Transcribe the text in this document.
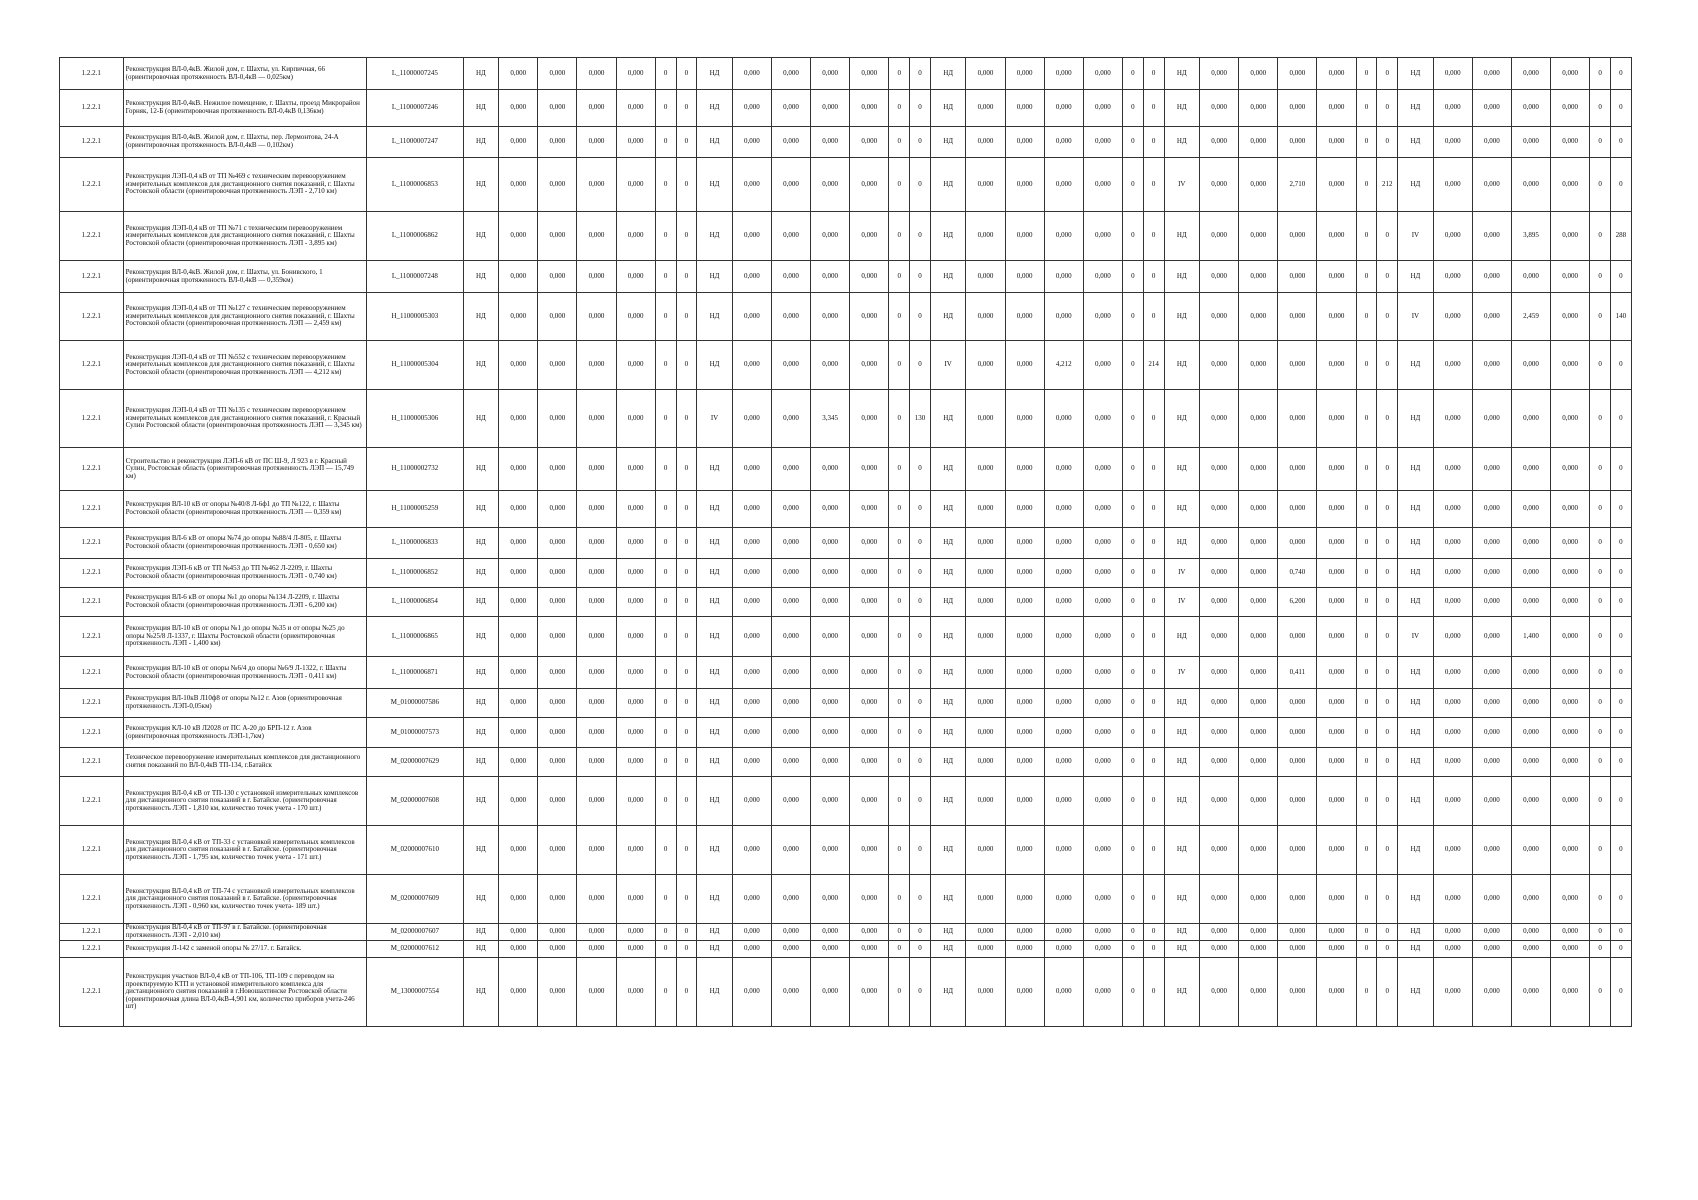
1.2.2.1	Реконструкция ВЛ-0,4кВ. Жилой дом, г. Шахты, ул. Кирпичная, 66 (ориентировочная протяженность ВЛ-0,4кВ — 0,025км)	L_11000007245	НД	0,000	0,000	0,000	0,000	0	0	НД	0,000	0,000	0,000	0,000	0	0	НД	0,000	0,000	0,000	0,000	0	0	НД	0,000	0,000	0,000	0,000	0	0	НД	0,000	0,000	0,000	0,000	0	0
1.2.2.1	Реконструкция ВЛ-0,4кВ. Нежилое помещение, г. Шахты, проезд Микрорайон Горняк, 12-Б (ориентировочная протяженность ВЛ-0,4кВ 0,136км)	L_11000007246	НД	0,000	0,000	0,000	0,000	0	0	НД	0,000	0,000	0,000	0,000	0	0	НД	0,000	0,000	0,000	0,000	0	0	НД	0,000	0,000	0,000	0,000	0	0	НД	0,000	0,000	0,000	0,000	0	0
1.2.2.1	Реконструкция ВЛ-0,4кВ. Жилой дом, г. Шахты, пер. Лермонтова, 24-А (ориентировочная протяженность ВЛ-0,4кВ — 0,102км)	L_11000007247	НД	0,000	0,000	0,000	0,000	0	0	НД	0,000	0,000	0,000	0,000	0	0	НД	0,000	0,000	0,000	0,000	0	0	НД	0,000	0,000	0,000	0,000	0	0	НД	0,000	0,000	0,000	0,000	0	0
1.2.2.1	Реконструкция ЛЭП-0,4 кВ от ТП №469 с техническим перевооружением измерительных комплексов для дистанционного снятия показаний, г. Шахты Ростовской области (ориентировочная протяженность ЛЭП - 2,710 км)	L_11000006853	НД	0,000	0,000	0,000	0,000	0	0	НД	0,000	0,000	0,000	0,000	0	0	НД	0,000	0,000	0,000	0,000	0	0	IV	0,000	0,000	2,710	0,000	0	212	НД	0,000	0,000	0,000	0,000	0	0
1.2.2.1	Реконструкция ЛЭП-0,4 кВ от ТП №71 с техническим перевооружением измерительных комплексов для дистанционного снятия показаний, г. Шахты Ростовской области (ориентировочная протяженность ЛЭП - 3,895 км)	L_11000006862	НД	0,000	0,000	0,000	0,000	0	0	НД	0,000	0,000	0,000	0,000	0	0	НД	0,000	0,000	0,000	0,000	0	0	НД	0,000	0,000	0,000	0,000	0	0	IV	0,000	0,000	3,895	0,000	0	288
1.2.2.1	Реконструкция ВЛ-0,4кВ. Жилой дом, г. Шахты, ул. Бонивского, 1 (ориентировочная протяженность ВЛ-0,4кВ — 0,359км)	L_11000007248	НД	0,000	0,000	0,000	0,000	0	0	НД	0,000	0,000	0,000	0,000	0	0	НД	0,000	0,000	0,000	0,000	0	0	НД	0,000	0,000	0,000	0,000	0	0	НД	0,000	0,000	0,000	0,000	0	0
1.2.2.1	Реконструкция ЛЭП-0,4 кВ от ТП №127 с техническим перевооружением измерительных комплексов для дистанционного снятия показаний, г. Шахты Ростовской области (ориентировочная протяженность ЛЭП — 2,459 км)	H_11000005303	НД	0,000	0,000	0,000	0,000	0	0	НД	0,000	0,000	0,000	0,000	0	0	НД	0,000	0,000	0,000	0,000	0	0	НД	0,000	0,000	0,000	0,000	0	0	IV	0,000	0,000	2,459	0,000	0	140
1.2.2.1	Реконструкция ЛЭП-0,4 кВ от ТП №552 с техническим перевооружением измерительных комплексов для дистанционного снятия показаний, г. Шахты Ростовской области (ориентировочная протяженность ЛЭП — 4,212 км)	H_11000005304	НД	0,000	0,000	0,000	0,000	0	0	НД	0,000	0,000	0,000	0,000	0	0	IV	0,000	0,000	4,212	0,000	0	214	НД	0,000	0,000	0,000	0,000	0	0	НД	0,000	0,000	0,000	0,000	0	0
1.2.2.1	Реконструкция ЛЭП-0,4 кВ от ТП №135 с техническим перевооружением измерительных комплексов для дистанционного снятия показаний, г. Красный Сулин Ростовской области (ориентировочная протяженность ЛЭП — 3,345 км)	H_11000005306	НД	0,000	0,000	0,000	0,000	0	0	IV	0,000	0,000	3,345	0,000	0	130	НД	0,000	0,000	0,000	0,000	0	0	НД	0,000	0,000	0,000	0,000	0	0	НД	0,000	0,000	0,000	0,000	0	0
1.2.2.1	Строительство и реконструкция ЛЭП-6 кВ от ПС Ш-9, Л 923 в г. Красный Сулин, Ростовская область (ориентировочная протяженность ЛЭП — 15,749 км)	H_11000002732	НД	0,000	0,000	0,000	0,000	0	0	НД	0,000	0,000	0,000	0,000	0	0	НД	0,000	0,000	0,000	0,000	0	0	НД	0,000	0,000	0,000	0,000	0	0	НД	0,000	0,000	0,000	0,000	0	0
1.2.2.1	Реконструкция ВЛ-10 кВ от опоры №40/8 Л-6ф1 до ТП №122, г. Шахты Ростовской области (ориентировочная протяженность ЛЭП — 0,359 км)	H_11000005259	НД	0,000	0,000	0,000	0,000	0	0	НД	0,000	0,000	0,000	0,000	0	0	НД	0,000	0,000	0,000	0,000	0	0	НД	0,000	0,000	0,000	0,000	0	0	НД	0,000	0,000	0,000	0,000	0	0
1.2.2.1	Реконструкция ВЛ-6 кВ от опоры №74 до опоры №88/4 Л-805, г. Шахты Ростовской области (ориентировочная протяженность ЛЭП - 0,650 км)	L_11000006833	НД	0,000	0,000	0,000	0,000	0	0	НД	0,000	0,000	0,000	0,000	0	0	НД	0,000	0,000	0,000	0,000	0	0	НД	0,000	0,000	0,000	0,000	0	0	НД	0,000	0,000	0,000	0,000	0	0
1.2.2.1	Реконструкция ЛЭП-6 кВ от ТП №453 до ТП №462 Л-2209, г. Шахты Ростовской области (ориентировочная протяженность ЛЭП - 0,740 км)	L_11000006852	НД	0,000	0,000	0,000	0,000	0	0	НД	0,000	0,000	0,000	0,000	0	0	НД	0,000	0,000	0,000	0,000	0	0	IV	0,000	0,000	0,740	0,000	0	0	НД	0,000	0,000	0,000	0,000	0	0
1.2.2.1	Реконструкция ВЛ-6 кВ от опоры №1 до опоры №134 Л-2209, г. Шахты Ростовской области (ориентировочная протяженность ЛЭП - 6,200 км)	L_11000006854	НД	0,000	0,000	0,000	0,000	0	0	НД	0,000	0,000	0,000	0,000	0	0	НД	0,000	0,000	0,000	0,000	0	0	IV	0,000	0,000	6,200	0,000	0	0	НД	0,000	0,000	0,000	0,000	0	0
1.2.2.1	Реконструкция ВЛ-10 кВ от опоры №1 до опоры №35 и от опоры №25 до опоры №25/8 Л-1337, г. Шахты Ростовской области (ориентировочная протяженность ЛЭП - 1,400 км)	L_11000006865	НД	0,000	0,000	0,000	0,000	0	0	НД	0,000	0,000	0,000	0,000	0	0	НД	0,000	0,000	0,000	0,000	0	0	НД	0,000	0,000	0,000	0,000	0	0	IV	0,000	0,000	1,400	0,000	0	0
1.2.2.1	Реконструкция ВЛ-10 кВ от опоры №6/4 до опоры №6/9 Л-1322, г. Шахты Ростовской области (ориентировочная протяженность ЛЭП - 0,411 км)	L_11000006871	НД	0,000	0,000	0,000	0,000	0	0	НД	0,000	0,000	0,000	0,000	0	0	НД	0,000	0,000	0,000	0,000	0	0	IV	0,000	0,000	0,411	0,000	0	0	НД	0,000	0,000	0,000	0,000	0	0
1.2.2.1	Реконструкция ВЛ-10кВ Л10ф8 от опоры №12 г. Азов (ориентировочная протяженность ЛЭП-0,05км)	M_01000007586	НД	0,000	0,000	0,000	0,000	0	0	НД	0,000	0,000	0,000	0,000	0	0	НД	0,000	0,000	0,000	0,000	0	0	НД	0,000	0,000	0,000	0,000	0	0	НД	0,000	0,000	0,000	0,000	0	0
1.2.2.1	Реконструкция КЛ-10 кВ Л2028 от ПС А-20 до БРП-12 г. Азов (ориентировочная протяженность ЛЭП-1,7км)	M_01000007573	НД	0,000	0,000	0,000	0,000	0	0	НД	0,000	0,000	0,000	0,000	0	0	НД	0,000	0,000	0,000	0,000	0	0	НД	0,000	0,000	0,000	0,000	0	0	НД	0,000	0,000	0,000	0,000	0	0
1.2.2.1	Техническое перевооружение измерительных комплексов для дистанционного снятия показаний по ВЛ-0,4кВ ТП-134, г.Батайск	M_02000007629	НД	0,000	0,000	0,000	0,000	0	0	НД	0,000	0,000	0,000	0,000	0	0	НД	0,000	0,000	0,000	0,000	0	0	НД	0,000	0,000	0,000	0,000	0	0	НД	0,000	0,000	0,000	0,000	0	0
1.2.2.1	Реконструкция ВЛ-0,4 кВ от ТП-130 с установкой измерительных комплексов для дистанционного снятия показаний в г. Батайске. (ориентировочная протяженность ЛЭП - 1,810 км, количество точек учета - 170 шт.)	M_02000007608	НД	0,000	0,000	0,000	0,000	0	0	НД	0,000	0,000	0,000	0,000	0	0	НД	0,000	0,000	0,000	0,000	0	0	НД	0,000	0,000	0,000	0,000	0	0	НД	0,000	0,000	0,000	0,000	0	0
1.2.2.1	Реконструкция ВЛ-0,4 кВ от ТП-33 с установкой измерительных комплексов для дистанционного снятия показаний в г. Батайске. (ориентировочная протяженность ЛЭП - 1,795 км, количество точек учета - 171 шт.)	M_02000007610	НД	0,000	0,000	0,000	0,000	0	0	НД	0,000	0,000	0,000	0,000	0	0	НД	0,000	0,000	0,000	0,000	0	0	НД	0,000	0,000	0,000	0,000	0	0	НД	0,000	0,000	0,000	0,000	0	0
1.2.2.1	Реконструкция ВЛ-0,4 кВ от ТП-74 с установкой измерительных комплексов для дистанционного снятия показаний в г. Батайске. (ориентировочная протяженность ЛЭП - 0,960 км, количество точек учета- 189 шт.)	M_02000007609	НД	0,000	0,000	0,000	0,000	0	0	НД	0,000	0,000	0,000	0,000	0	0	НД	0,000	0,000	0,000	0,000	0	0	НД	0,000	0,000	0,000	0,000	0	0	НД	0,000	0,000	0,000	0,000	0	0
1.2.2.1	Реконструкция ВЛ-0,4 кВ от ТП-97 в г. Батайске. (ориентировочная протяженность ЛЭП - 2,010 км)	M_02000007607	НД	0,000	0,000	0,000	0,000	0	0	НД	0,000	0,000	0,000	0,000	0	0	НД	0,000	0,000	0,000	0,000	0	0	НД	0,000	0,000	0,000	0,000	0	0	НД	0,000	0,000	0,000	0,000	0	0
1.2.2.1	Реконструкция Л-142 с заменой опоры № 27/17. г. Батайск.	M_02000007612	НД	0,000	0,000	0,000	0,000	0	0	НД	0,000	0,000	0,000	0,000	0	0	НД	0,000	0,000	0,000	0,000	0	0	НД	0,000	0,000	0,000	0,000	0	0	НД	0,000	0,000	0,000	0,000	0	0
1.2.2.1	Реконструкция участков ВЛ-0,4 кВ от ТП-106, ТП-109 с переводом на проектируемую КТП и установкой измерительного комплекса для дистанционного снятия показаний в г.Новошахтинске Ростовской области (ориентировочная длина ВЛ-0,4кВ-4,901 км, количество приборов учета-246 шт)	M_13000007554	НД	0,000	0,000	0,000	0,000	0	0	НД	0,000	0,000	0,000	0,000	0	0	НД	0,000	0,000	0,000	0,000	0	0	НД	0,000	0,000	0,000	0,000	0	0	НД	0,000	0,000	0,000	0,000	0	0
